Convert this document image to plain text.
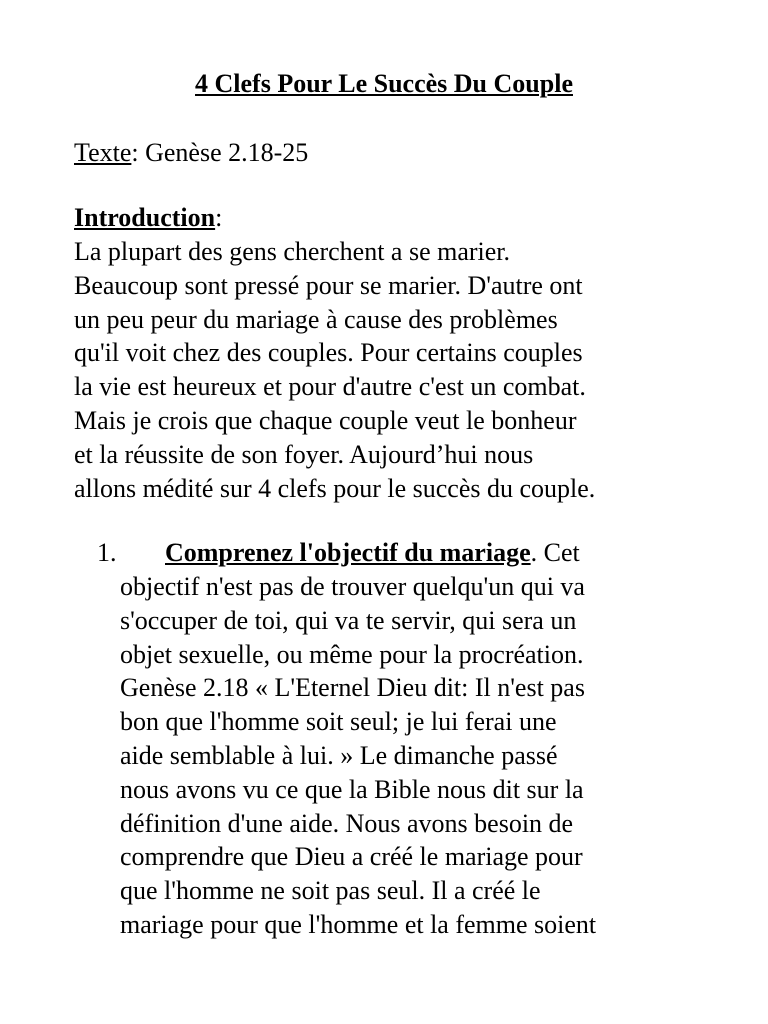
4 Clefs Pour Le Succès Du Couple
Texte: Genèse 2.18-25
Introduction:
La plupart des gens cherchent a se marier.
Beaucoup sont pressé pour se marier. D'autre ont
un peu peur du mariage à cause des problèmes
qu'il voit chez des couples. Pour certains couples
la vie est heureux et pour d'autre c'est un combat.
Mais je crois que chaque couple veut le bonheur
et la réussite de son foyer. Aujourd’hui nous
allons médité sur 4 clefs pour le succès du couple.
1.	Comprenez l'objectif du mariage. Cet
objectif n'est pas de trouver quelqu'un qui va
s'occuper de toi, qui va te servir, qui sera un
objet sexuelle, ou même pour la procréation.
Genèse 2.18 « L'Eternel Dieu dit: Il n'est pas
bon que l'homme soit seul; je lui ferai une
aide semblable à lui. » Le dimanche passé
nous avons vu ce que la Bible nous dit sur la
définition d'une aide. Nous avons besoin de
comprendre que Dieu a créé le mariage pour
que l'homme ne soit pas seul. Il a créé le
mariage pour que l'homme et la femme soient
